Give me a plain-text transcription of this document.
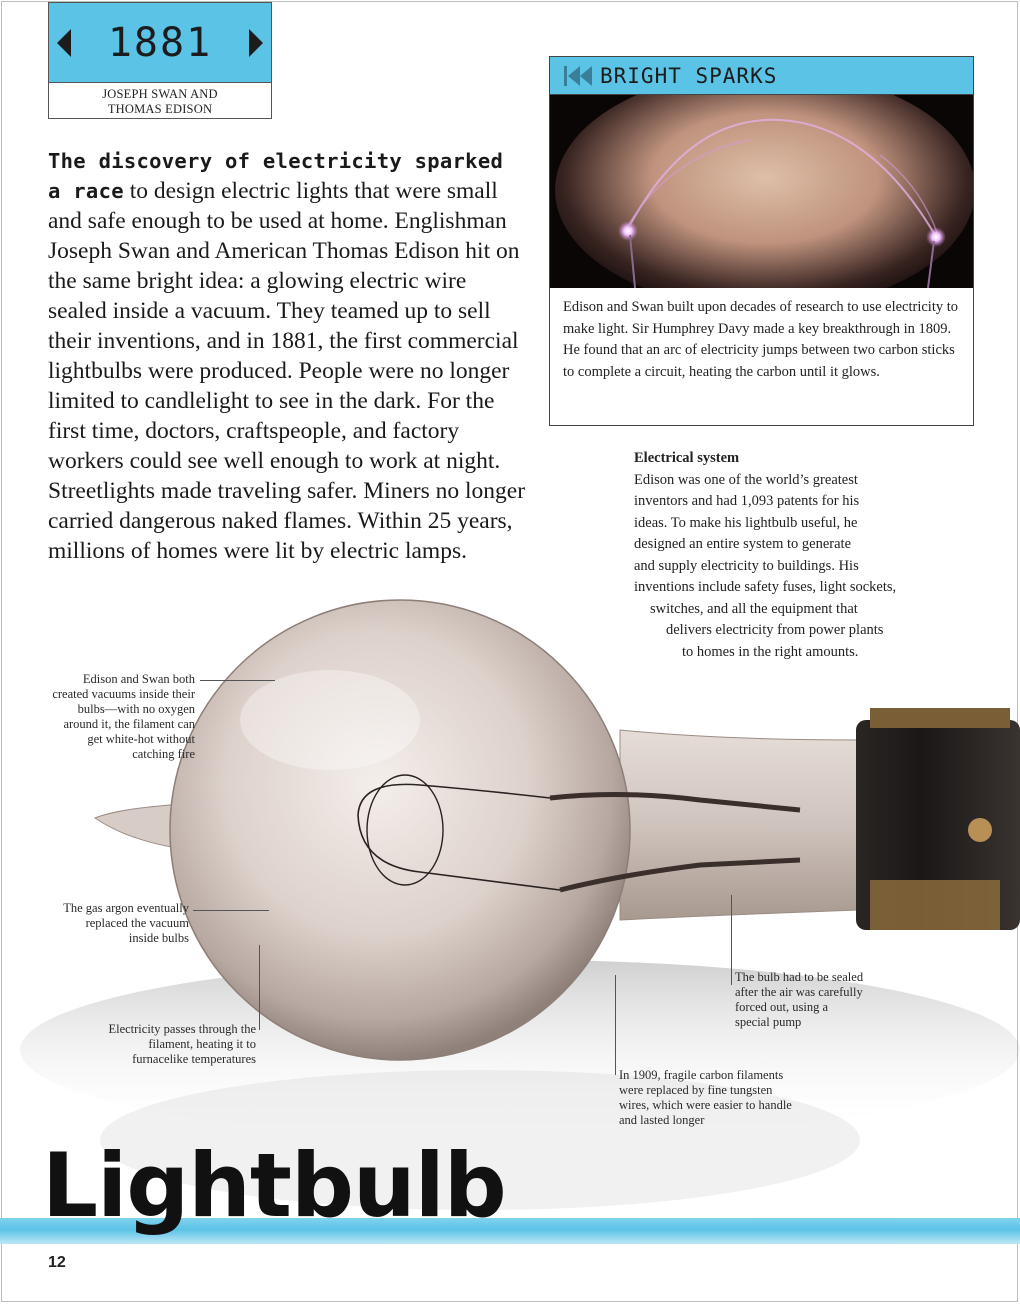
1881
JOSEPH SWAN AND
THOMAS EDISON
The discovery of electricity sparked a race to design electric lights that were small and safe enough to be used at home. Englishman Joseph Swan and American Thomas Edison hit on the same bright idea: a glowing electric wire sealed inside a vacuum. They teamed up to sell their inventions, and in 1881, the first commercial lightbulbs were produced. People were no longer limited to candlelight to see in the dark. For the first time, doctors, craftspeople, and factory workers could see well enough to work at night. Streetlights made traveling safer. Miners no longer carried dangerous naked flames. Within 25 years, millions of homes were lit by electric lamps.
BRIGHT SPARKS
Edison and Swan built upon decades of research to use electricity to make light. Sir Humphrey Davy made a key breakthrough in 1809. He found that an arc of electricity jumps between two carbon sticks to complete a circuit, heating the carbon until it glows.
Electrical system
Edison was one of the world’s greatest
inventors and had 1,093 patents for his
ideas. To make his lightbulb useful, he
designed an entire system to generate
and supply electricity to buildings. His
inventions include safety fuses, light sockets,
switches, and all the equipment that
delivers electricity from power plants
to homes in the right amounts.
Edison and Swan both created vacuums inside their bulbs—with no oxygen around it, the filament can get white-hot without catching fire
The gas argon eventually replaced the vacuum inside bulbs
Electricity passes through the filament, heating it to furnacelike temperatures
The bulb had to be sealed after the air was carefully forced out, using a special pump
In 1909, fragile carbon filaments were replaced by fine tungsten wires, which were easier to handle and lasted longer
Lightbulb
12
